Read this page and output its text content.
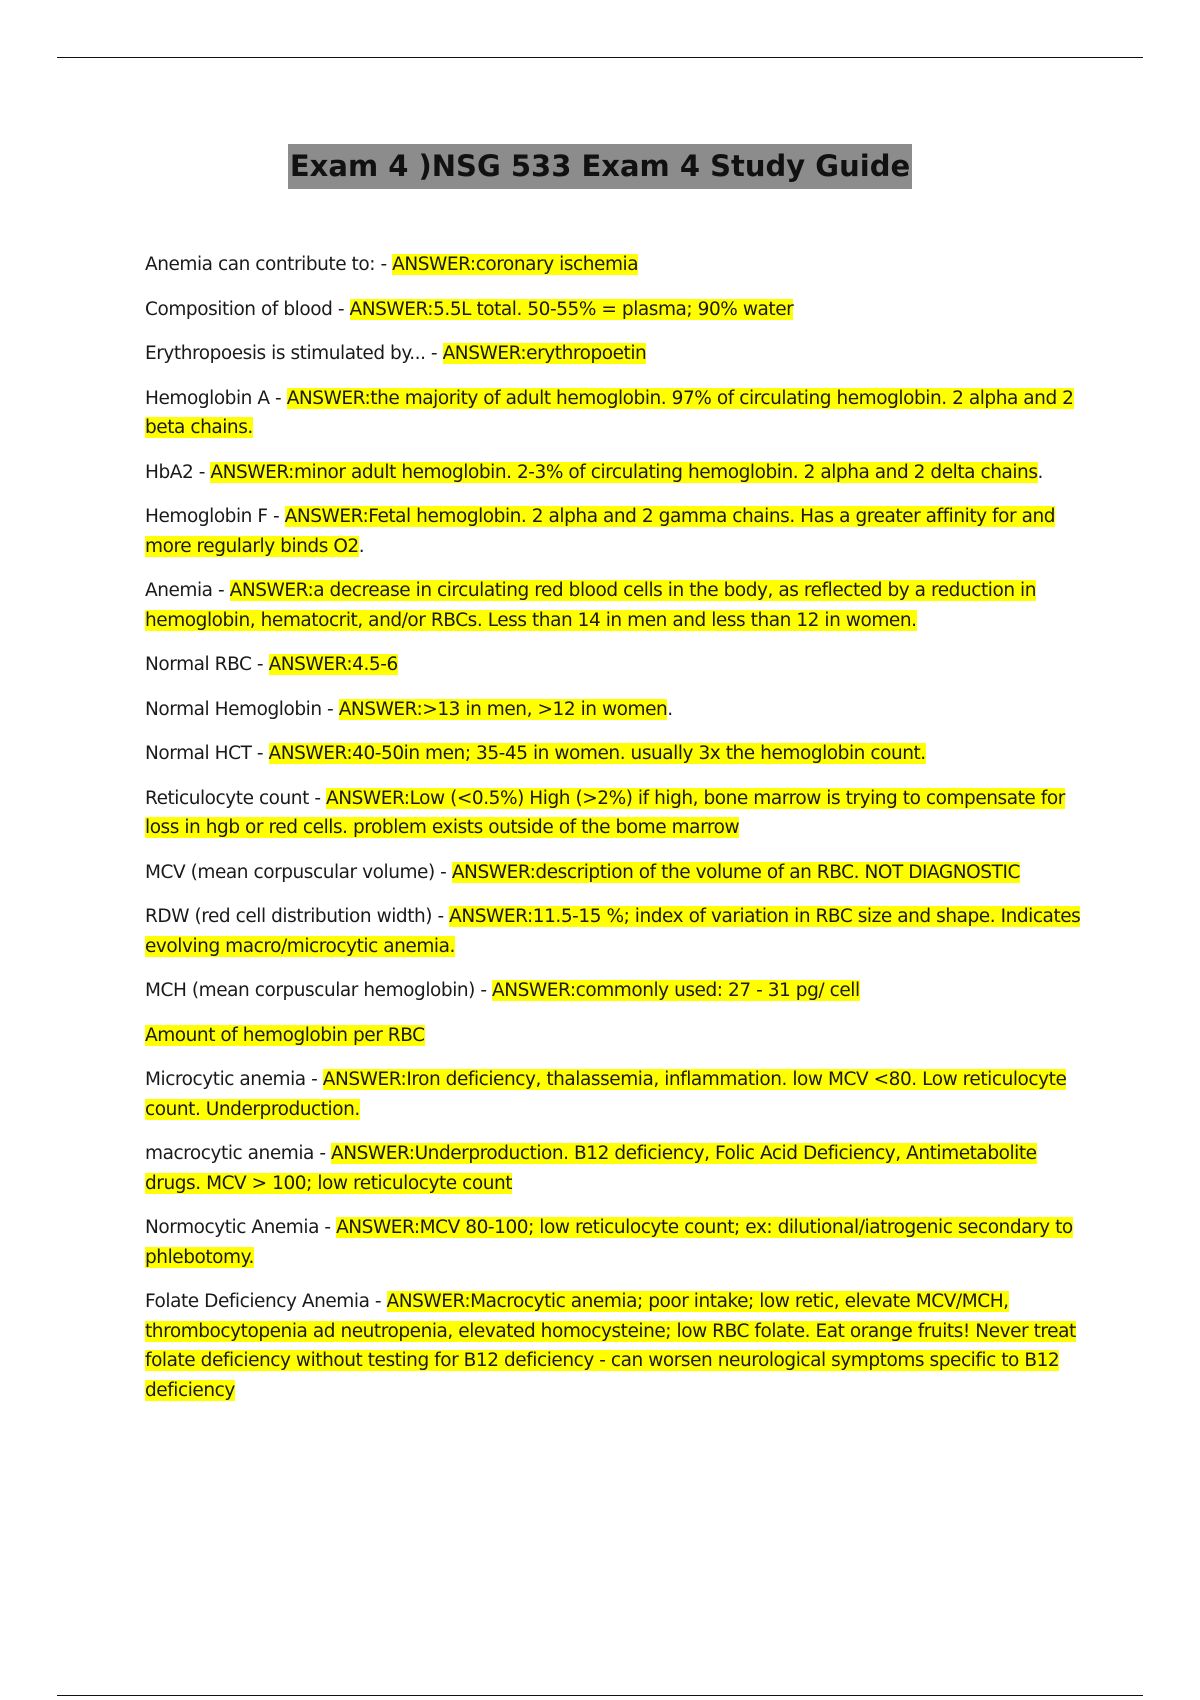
Exam 4 )NSG 533 Exam 4 Study Guide

Anemia can contribute to: - ANSWER:coronary ischemia

Composition of blood - ANSWER:5.5L total. 50-55% = plasma; 90% water

Erythropoesis is stimulated by... - ANSWER:erythropoetin

Hemoglobin A - ANSWER:the majority of adult hemoglobin. 97% of circulating hemoglobin. 2 alpha and 2 beta chains.

HbA2 - ANSWER:minor adult hemoglobin. 2-3% of circulating hemoglobin. 2 alpha and 2 delta chains.

Hemoglobin F - ANSWER:Fetal hemoglobin. 2 alpha and 2 gamma chains. Has a greater affinity for and more regularly binds O2.

Anemia - ANSWER:a decrease in circulating red blood cells in the body, as reflected by a reduction in hemoglobin, hematocrit, and/or RBCs. Less than 14 in men and less than 12 in women.

Normal RBC - ANSWER:4.5-6

Normal Hemoglobin - ANSWER:>13 in men, >12 in women.

Normal HCT - ANSWER:40-50in men; 35-45 in women. usually 3x the hemoglobin count.

Reticulocyte count - ANSWER:Low (<0.5%) High (>2%) if high, bone marrow is trying to compensate for loss in hgb or red cells. problem exists outside of the bome marrow

MCV (mean corpuscular volume) - ANSWER:description of the volume of an RBC. NOT DIAGNOSTIC

RDW (red cell distribution width) - ANSWER:11.5-15 %; index of variation in RBC size and shape. Indicates evolving macro/microcytic anemia.

MCH (mean corpuscular hemoglobin) - ANSWER:commonly used: 27 - 31 pg/ cell

Amount of hemoglobin per RBC

Microcytic anemia - ANSWER:Iron deficiency, thalassemia, inflammation. low MCV <80. Low reticulocyte count. Underproduction.

macrocytic anemia - ANSWER:Underproduction. B12 deficiency, Folic Acid Deficiency, Antimetabolite drugs. MCV > 100; low reticulocyte count

Normocytic Anemia - ANSWER:MCV 80-100; low reticulocyte count; ex: dilutional/iatrogenic secondary to phlebotomy.

Folate Deficiency Anemia - ANSWER:Macrocytic anemia; poor intake; low retic, elevate MCV/MCH, thrombocytopenia ad neutropenia, elevated homocysteine; low RBC folate. Eat orange fruits! Never treat folate deficiency without testing for B12 deficiency - can worsen neurological symptoms specific to B12 deficiency
